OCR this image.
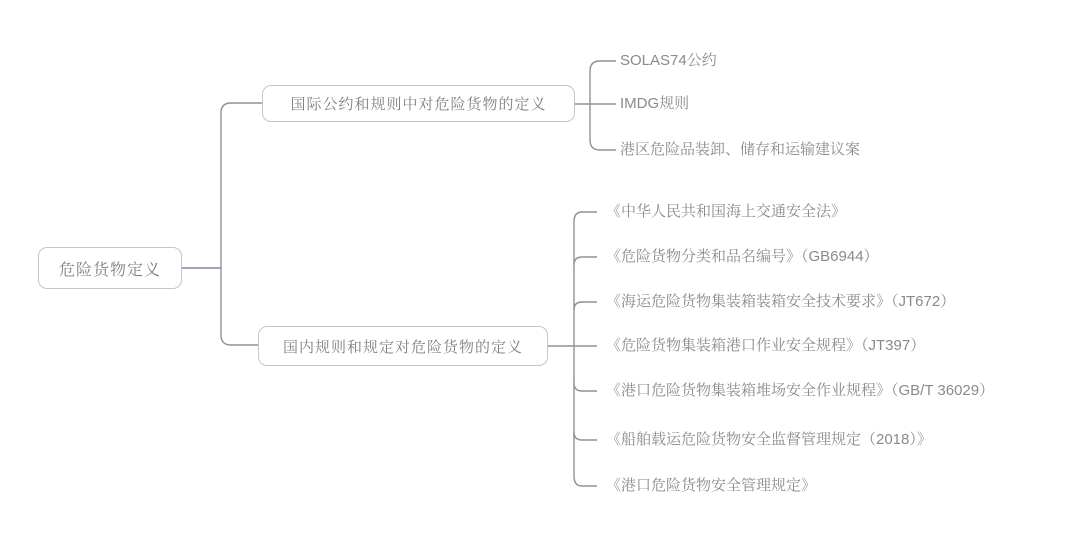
危险货物定义
国际公约和规则中对危险货物的定义
国内规则和规定对危险货物的定义
SOLAS74公约
IMDG规则
港区危险品装卸、储存和运输建议案
《中华人民共和国海上交通安全法》
《危险货物分类和品名编号》（GB6944）
《海运危险货物集装箱装箱安全技术要求》（JT672）
《危险货物集装箱港口作业安全规程》（JT397）
《港口危险货物集装箱堆场安全作业规程》（GB/T 36029）
《船舶载运危险货物安全监督管理规定（2018）》
《港口危险货物安全管理规定》
